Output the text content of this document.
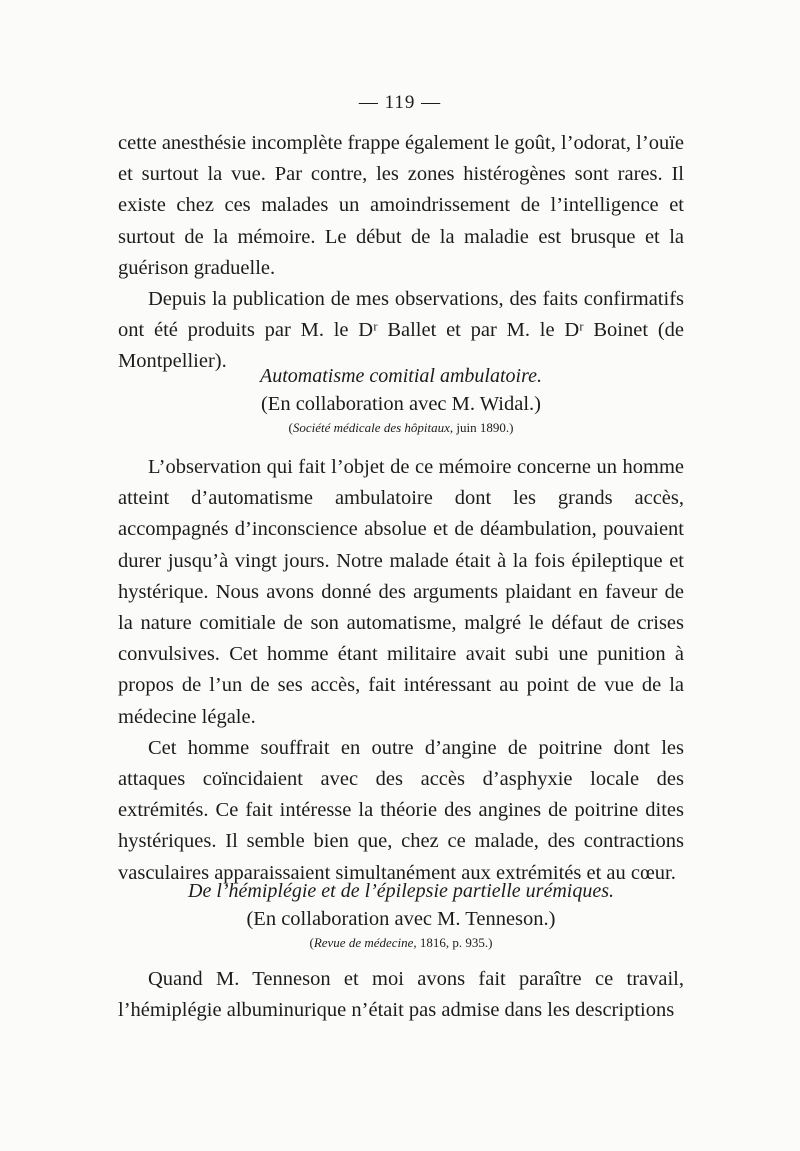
— 119 —

cette anesthésie incomplète frappe également le goût, l’odorat, l’ouïe et surtout la vue. Par contre, les zones histérogènes sont rares. Il existe chez ces malades un amoindrissement de l’intelligence et surtout de la mémoire. Le début de la maladie est brusque et la guérison graduelle.

Depuis la publication de mes observations, des faits confirmatifs ont été produits par M. le Dʳ Ballet et par M. le Dʳ Boinet (de Montpellier).

Automatisme comitial ambulatoire.

(En collaboration avec M. Widal.)

(Société médicale des hôpitaux, juin 1890.)

L’observation qui fait l’objet de ce mémoire concerne un homme atteint d’automatisme ambulatoire dont les grands accès, accompagnés d’inconscience absolue et de déambulation, pouvaient durer jusqu’à vingt jours. Notre malade était à la fois épileptique et hystérique. Nous avons donné des arguments plaidant en faveur de la nature comitiale de son automatisme, malgré le défaut de crises convulsives. Cet homme étant militaire avait subi une punition à propos de l’un de ses accès, fait intéressant au point de vue de la médecine légale.

Cet homme souffrait en outre d’angine de poitrine dont les attaques coïncidaient avec des accès d’asphyxie locale des extrémités. Ce fait intéresse la théorie des angines de poitrine dites hystériques. Il semble bien que, chez ce malade, des contractions vasculaires apparaissaient simultanément aux extrémités et au cœur.

De l’hémiplégie et de l’épilepsie partielle urémiques.

(En collaboration avec M. Tenneson.)

(Revue de médecine, 1816, p. 935.)

Quand M. Tenneson et moi avons fait paraître ce travail, l’hémiplégie albuminurique n’était pas admise dans les descriptions
